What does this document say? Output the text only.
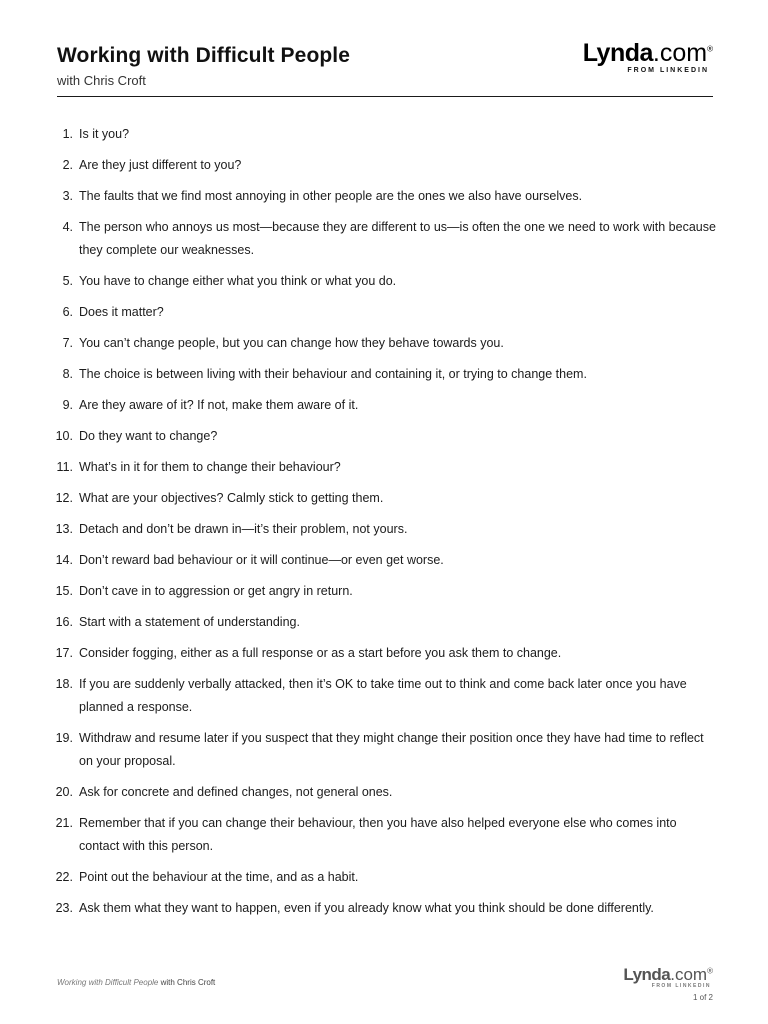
Working with Difficult People
with Chris Croft
Lynda.com®
FROM LINKEDIN
1. Is it you?
2. Are they just different to you?
3. The faults that we find most annoying in other people are the ones we also have ourselves.
4. The person who annoys us most—because they are different to us—is often the one we need to work with because they complete our weaknesses.
5. You have to change either what you think or what you do.
6. Does it matter?
7. You can’t change people, but you can change how they behave towards you.
8. The choice is between living with their behaviour and containing it, or trying to change them.
9. Are they aware of it? If not, make them aware of it.
10. Do they want to change?
11. What’s in it for them to change their behaviour?
12. What are your objectives? Calmly stick to getting them.
13. Detach and don’t be drawn in—it’s their problem, not yours.
14. Don’t reward bad behaviour or it will continue—or even get worse.
15. Don’t cave in to aggression or get angry in return.
16. Start with a statement of understanding.
17. Consider fogging, either as a full response or as a start before you ask them to change.
18. If you are suddenly verbally attacked, then it’s OK to take time out to think and come back later once you have planned a response.
19. Withdraw and resume later if you suspect that they might change their position once they have had time to reflect on your proposal.
20. Ask for concrete and defined changes, not general ones.
21. Remember that if you can change their behaviour, then you have also helped everyone else who comes into contact with this person.
22. Point out the behaviour at the time, and as a habit.
23. Ask them what they want to happen, even if you already know what you think should be done differently.
Working with Difficult People with Chris Croft	Lynda.com®
FROM LINKEDIN
1 of 2
